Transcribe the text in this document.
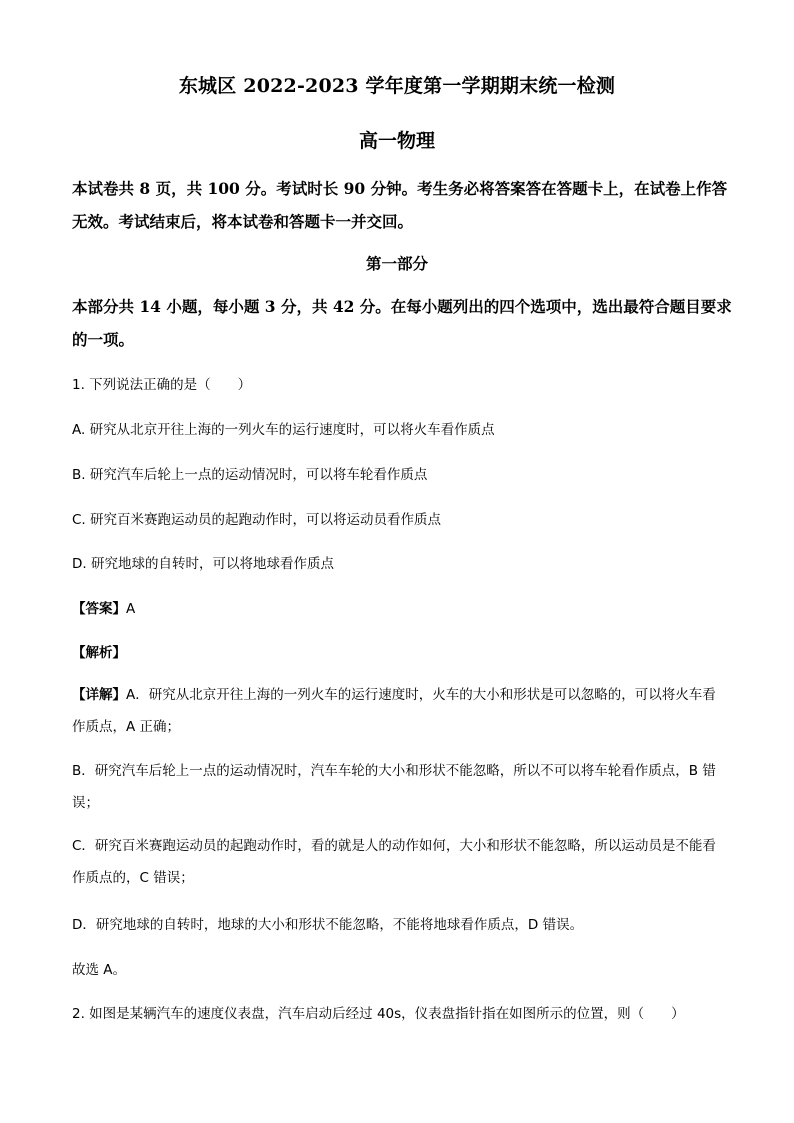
东城区 2022-2023 学年度第一学期期末统一检测
高一物理
本试卷共 8 页，共 100 分。考试时长 90 分钟。考生务必将答案答在答题卡上，在试卷上作答无效。考试结束后，将本试卷和答题卡一并交回。
第一部分
本部分共 14 小题，每小题 3 分，共 42 分。在每小题列出的四个选项中，选出最符合题目要求的一项。
1. 下列说法正确的是（　　）
A. 研究从北京开往上海的一列火车的运行速度时，可以将火车看作质点
B. 研究汽车后轮上一点的运动情况时，可以将车轮看作质点
C. 研究百米赛跑运动员的起跑动作时，可以将运动员看作质点
D. 研究地球的自转时，可以将地球看作质点
【答案】A
【解析】
【详解】A．研究从北京开往上海的一列火车的运行速度时，火车的大小和形状是可以忽略的，可以将火车看作质点，A 正确；
B．研究汽车后轮上一点的运动情况时，汽车车轮的大小和形状不能忽略，所以不可以将车轮看作质点，B 错误；
C．研究百米赛跑运动员的起跑动作时，看的就是人的动作如何，大小和形状不能忽略，所以运动员是不能看作质点的，C 错误；
D．研究地球的自转时，地球的大小和形状不能忽略，不能将地球看作质点，D 错误。
故选 A。
2. 如图是某辆汽车的速度仪表盘，汽车启动后经过 40s，仪表盘指针指在如图所示的位置，则（　　）
